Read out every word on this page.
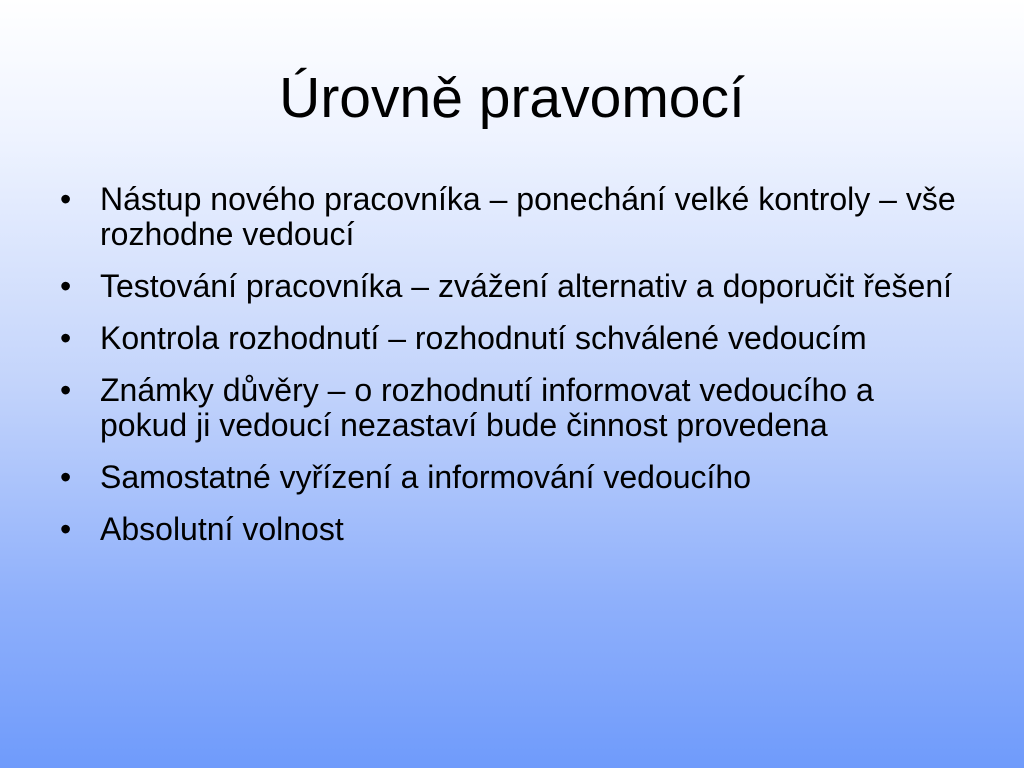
Úrovně pravomocí
• Nástup nového pracovníka – ponechání velké kontroly – vše rozhodne vedoucí
• Testování pracovníka – zvážení alternativ a doporučit řešení
• Kontrola rozhodnutí – rozhodnutí schválené vedoucím
• Známky důvěry – o rozhodnutí informovat vedoucího a pokud ji vedoucí nezastaví bude činnost provedena
• Samostatné vyřízení a informování vedoucího
• Absolutní volnost
